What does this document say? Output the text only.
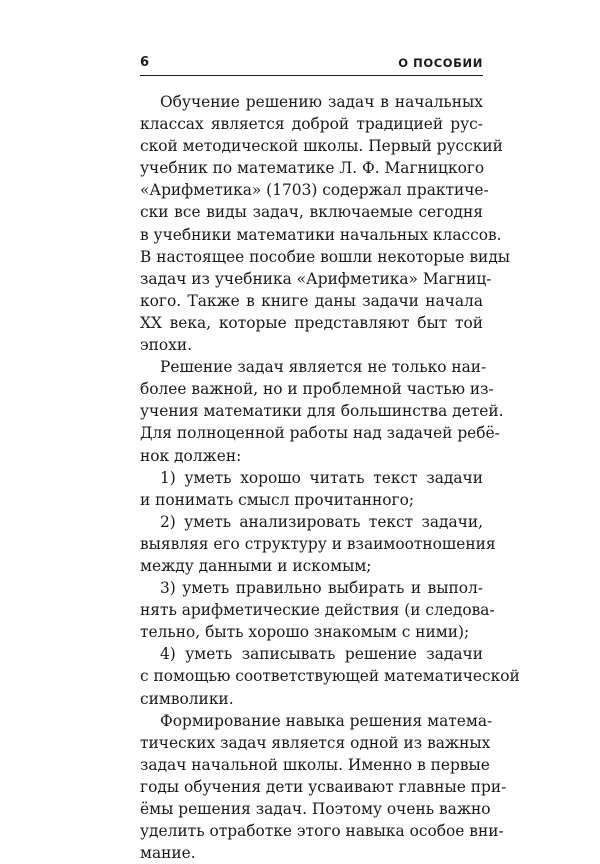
6	О ПОСОБИИ
Обучение решению задач в начальных
классах является доброй традицией рус-
ской методической школы. Первый русский
учебник по математике Л. Ф. Магницкого
«Арифметика» (1703) содержал практиче-
ски все виды задач, включаемые сегодня
в учебники математики начальных классов.
В настоящее пособие вошли некоторые виды
задач из учебника «Арифметика» Магниц-
кого. Также в книге даны задачи начала
XX века, которые представляют быт той
эпохи.
Решение задач является не только наи-
более важной, но и проблемной частью из-
учения математики для большинства детей.
Для полноценной работы над задачей ребё-
нок должен:
1) уметь хорошо читать текст задачи
и понимать смысл прочитанного;
2) уметь анализировать текст задачи,
выявляя его структуру и взаимоотношения
между данными и искомым;
3) уметь правильно выбирать и выпол-
нять арифметические действия (и следова-
тельно, быть хорошо знакомым с ними);
4) уметь записывать решение задачи
с помощью соответствующей математической
символики.
Формирование навыка решения матема-
тических задач является одной из важных
задач начальной школы. Именно в первые
годы обучения дети усваивают главные при-
ёмы решения задач. Поэтому очень важно
уделить отработке этого навыка особое вни-
мание.
